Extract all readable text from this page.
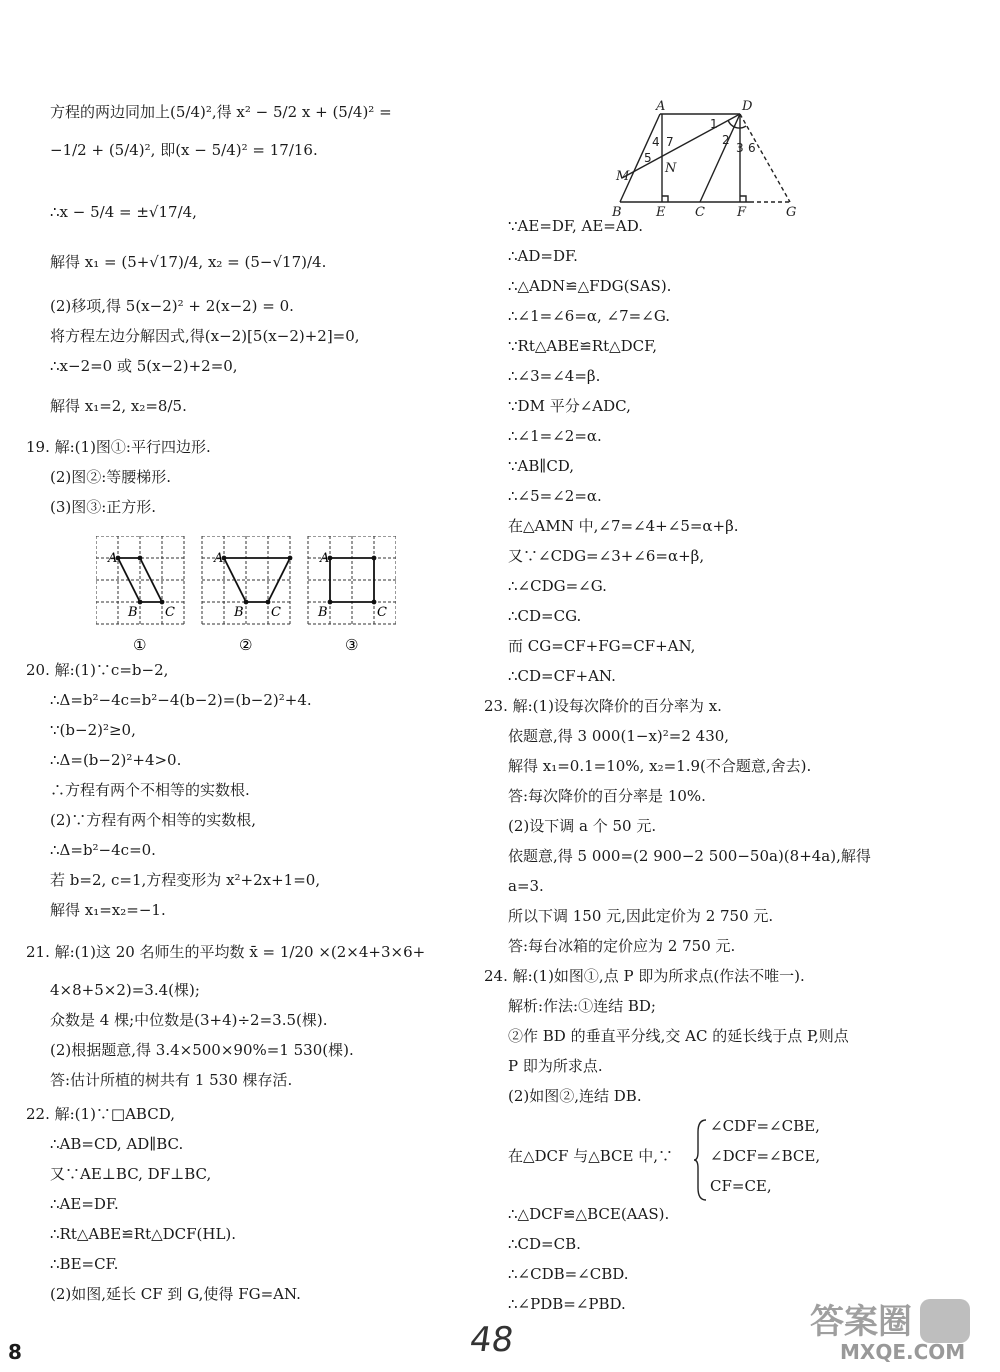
方程的两边同加上(5/4)²,得 x² − 5/2 x + (5/4)² =
−1/2 + (5/4)², 即(x − 5/4)² = 17/16.
∴x − 5/4 = ±√17/4,
解得 x₁ = (5+√17)/4, x₂ = (5−√17)/4.
(2)移项,得 5(x−2)² + 2(x−2) = 0.
将方程左边分解因式,得(x−2)[5(x−2)+2]=0,
∴x−2=0 或 5(x−2)+2=0,
解得 x₁=2, x₂=8/5.
19. 解:(1)图①:平行四边形.
(2)图②:等腰梯形.
(3)图③:正方形.
20. 解:(1)∵c=b−2,
∴Δ=b²−4c=b²−4(b−2)=(b−2)²+4.
∵(b−2)²≥0,
∴Δ=(b−2)²+4>0.
∴方程有两个不相等的实数根.
(2)∵方程有两个相等的实数根,
∴Δ=b²−4c=0.
若 b=2, c=1,方程变形为 x²+2x+1=0,
解得 x₁=x₂=−1.
21. 解:(1)这 20 名师生的平均数 x̄ = 1/20 ×(2×4+3×6+
4×8+5×2)=3.4(棵);
众数是 4 棵;中位数是(3+4)÷2=3.5(棵).
(2)根据题意,得 3.4×500×90%=1 530(棵).
答:估计所植的树共有 1 530 棵存活.
22. 解:(1)∵□ABCD,
∴AB=CD, AD∥BC.
又∵AE⊥BC, DF⊥BC,
∴AE=DF.
∴Rt△ABE≌Rt△DCF(HL).
∴BE=CF.
(2)如图,延长 CF 到 G,使得 FG=AN.
∵AE=DF, AE=AD.
∴AD=DF.
∴△ADN≌△FDG(SAS).
∴∠1=∠6=α, ∠7=∠G.
∵Rt△ABE≌Rt△DCF,
∴∠3=∠4=β.
∵DM 平分∠ADC,
∴∠1=∠2=α.
∵AB∥CD,
∴∠5=∠2=α.
在△AMN 中,∠7=∠4+∠5=α+β.
又∵∠CDG=∠3+∠6=α+β,
∴∠CDG=∠G.
∴CD=CG.
而 CG=CF+FG=CF+AN,
∴CD=CF+AN.
23. 解:(1)设每次降价的百分率为 x.
依题意,得 3 000(1−x)²=2 430,
解得 x₁=0.1=10%, x₂=1.9(不合题意,舍去).
答:每次降价的百分率是 10%.
(2)设下调 a 个 50 元.
依题意,得 5 000=(2 900−2 500−50a)(8+4a),解得
a=3.
所以下调 150 元,因此定价为 2 750 元.
答:每台冰箱的定价应为 2 750 元.
24. 解:(1)如图①,点 P 即为所求点(作法不唯一).
解析:作法:①连结 BD;
②作 BD 的垂直平分线,交 AC 的延长线于点 P,则点
P 即为所求点.
(2)如图②,连结 DB.
在△DCF 与△BCE 中,∵
∠CDF=∠CBE,
∠DCF=∠BCE,
CF=CE,
∴△DCF≌△BCE(AAS).
∴CD=CB.
∴∠CDB=∠CBD.
∴∠PDB=∠PBD.
A
B C
①
A
B C
②
A
B	C
③
A	D
M
N
B	E C F	G
1
2
3 6
4 7
5
8	48	答案圈
MXQE.COM
